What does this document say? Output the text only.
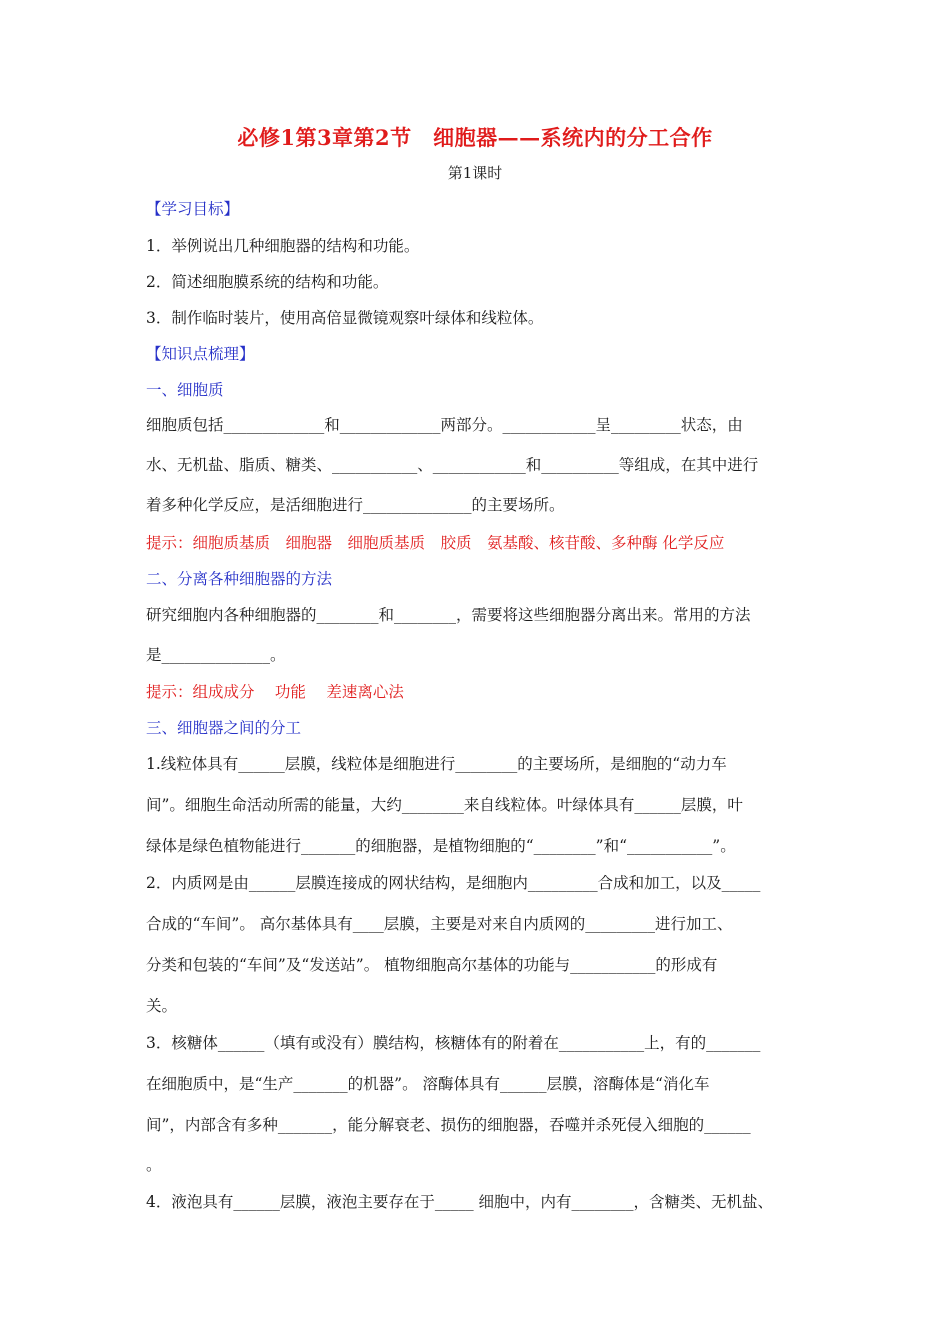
必修1第3章第2节　细胞器——系统内的分工合作
第1课时
【学习目标】
1．举例说出几种细胞器的结构和功能。
2．简述细胞膜系统的结构和功能。
3．制作临时装片，使用高倍显微镜观察叶绿体和线粒体。
【知识点梳理】
一、细胞质
细胞质包括_____________和_____________两部分。____________呈_________状态，由
水、无机盐、脂质、糖类、___________、____________和__________等组成，在其中进行
着多种化学反应，是活细胞进行______________的主要场所。
提示：细胞质基质　细胞器　细胞质基质　胶质　氨基酸、核苷酸、多种酶 化学反应
二、分离各种细胞器的方法
研究细胞内各种细胞器的________和________，需要将这些细胞器分离出来。常用的方法
是______________。
提示：组成成分　 功能　 差速离心法
三、细胞器之间的分工
1.线粒体具有______层膜，线粒体是细胞进行________的主要场所，是细胞的“动力车
间”。细胞生命活动所需的能量，大约________来自线粒体。叶绿体具有______层膜，叶
绿体是绿色植物能进行_______的细胞器，是植物细胞的“________”和“___________”。
2．内质网是由______层膜连接成的网状结构，是细胞内_________合成和加工，以及_____
合成的“车间”。 高尔基体具有____层膜，主要是对来自内质网的_________进行加工、
分类和包装的“车间”及“发送站”。 植物细胞高尔基体的功能与___________的形成有
关。
3．核糖体______（填有或没有）膜结构，核糖体有的附着在___________上，有的_______
在细胞质中，是“生产_______的机器”。 溶酶体具有______层膜，溶酶体是“消化车
间”，内部含有多种_______，能分解衰老、损伤的细胞器，吞噬并杀死侵入细胞的______
。
4．液泡具有______层膜，液泡主要存在于_____ 细胞中，内有________，含糖类、无机盐、
